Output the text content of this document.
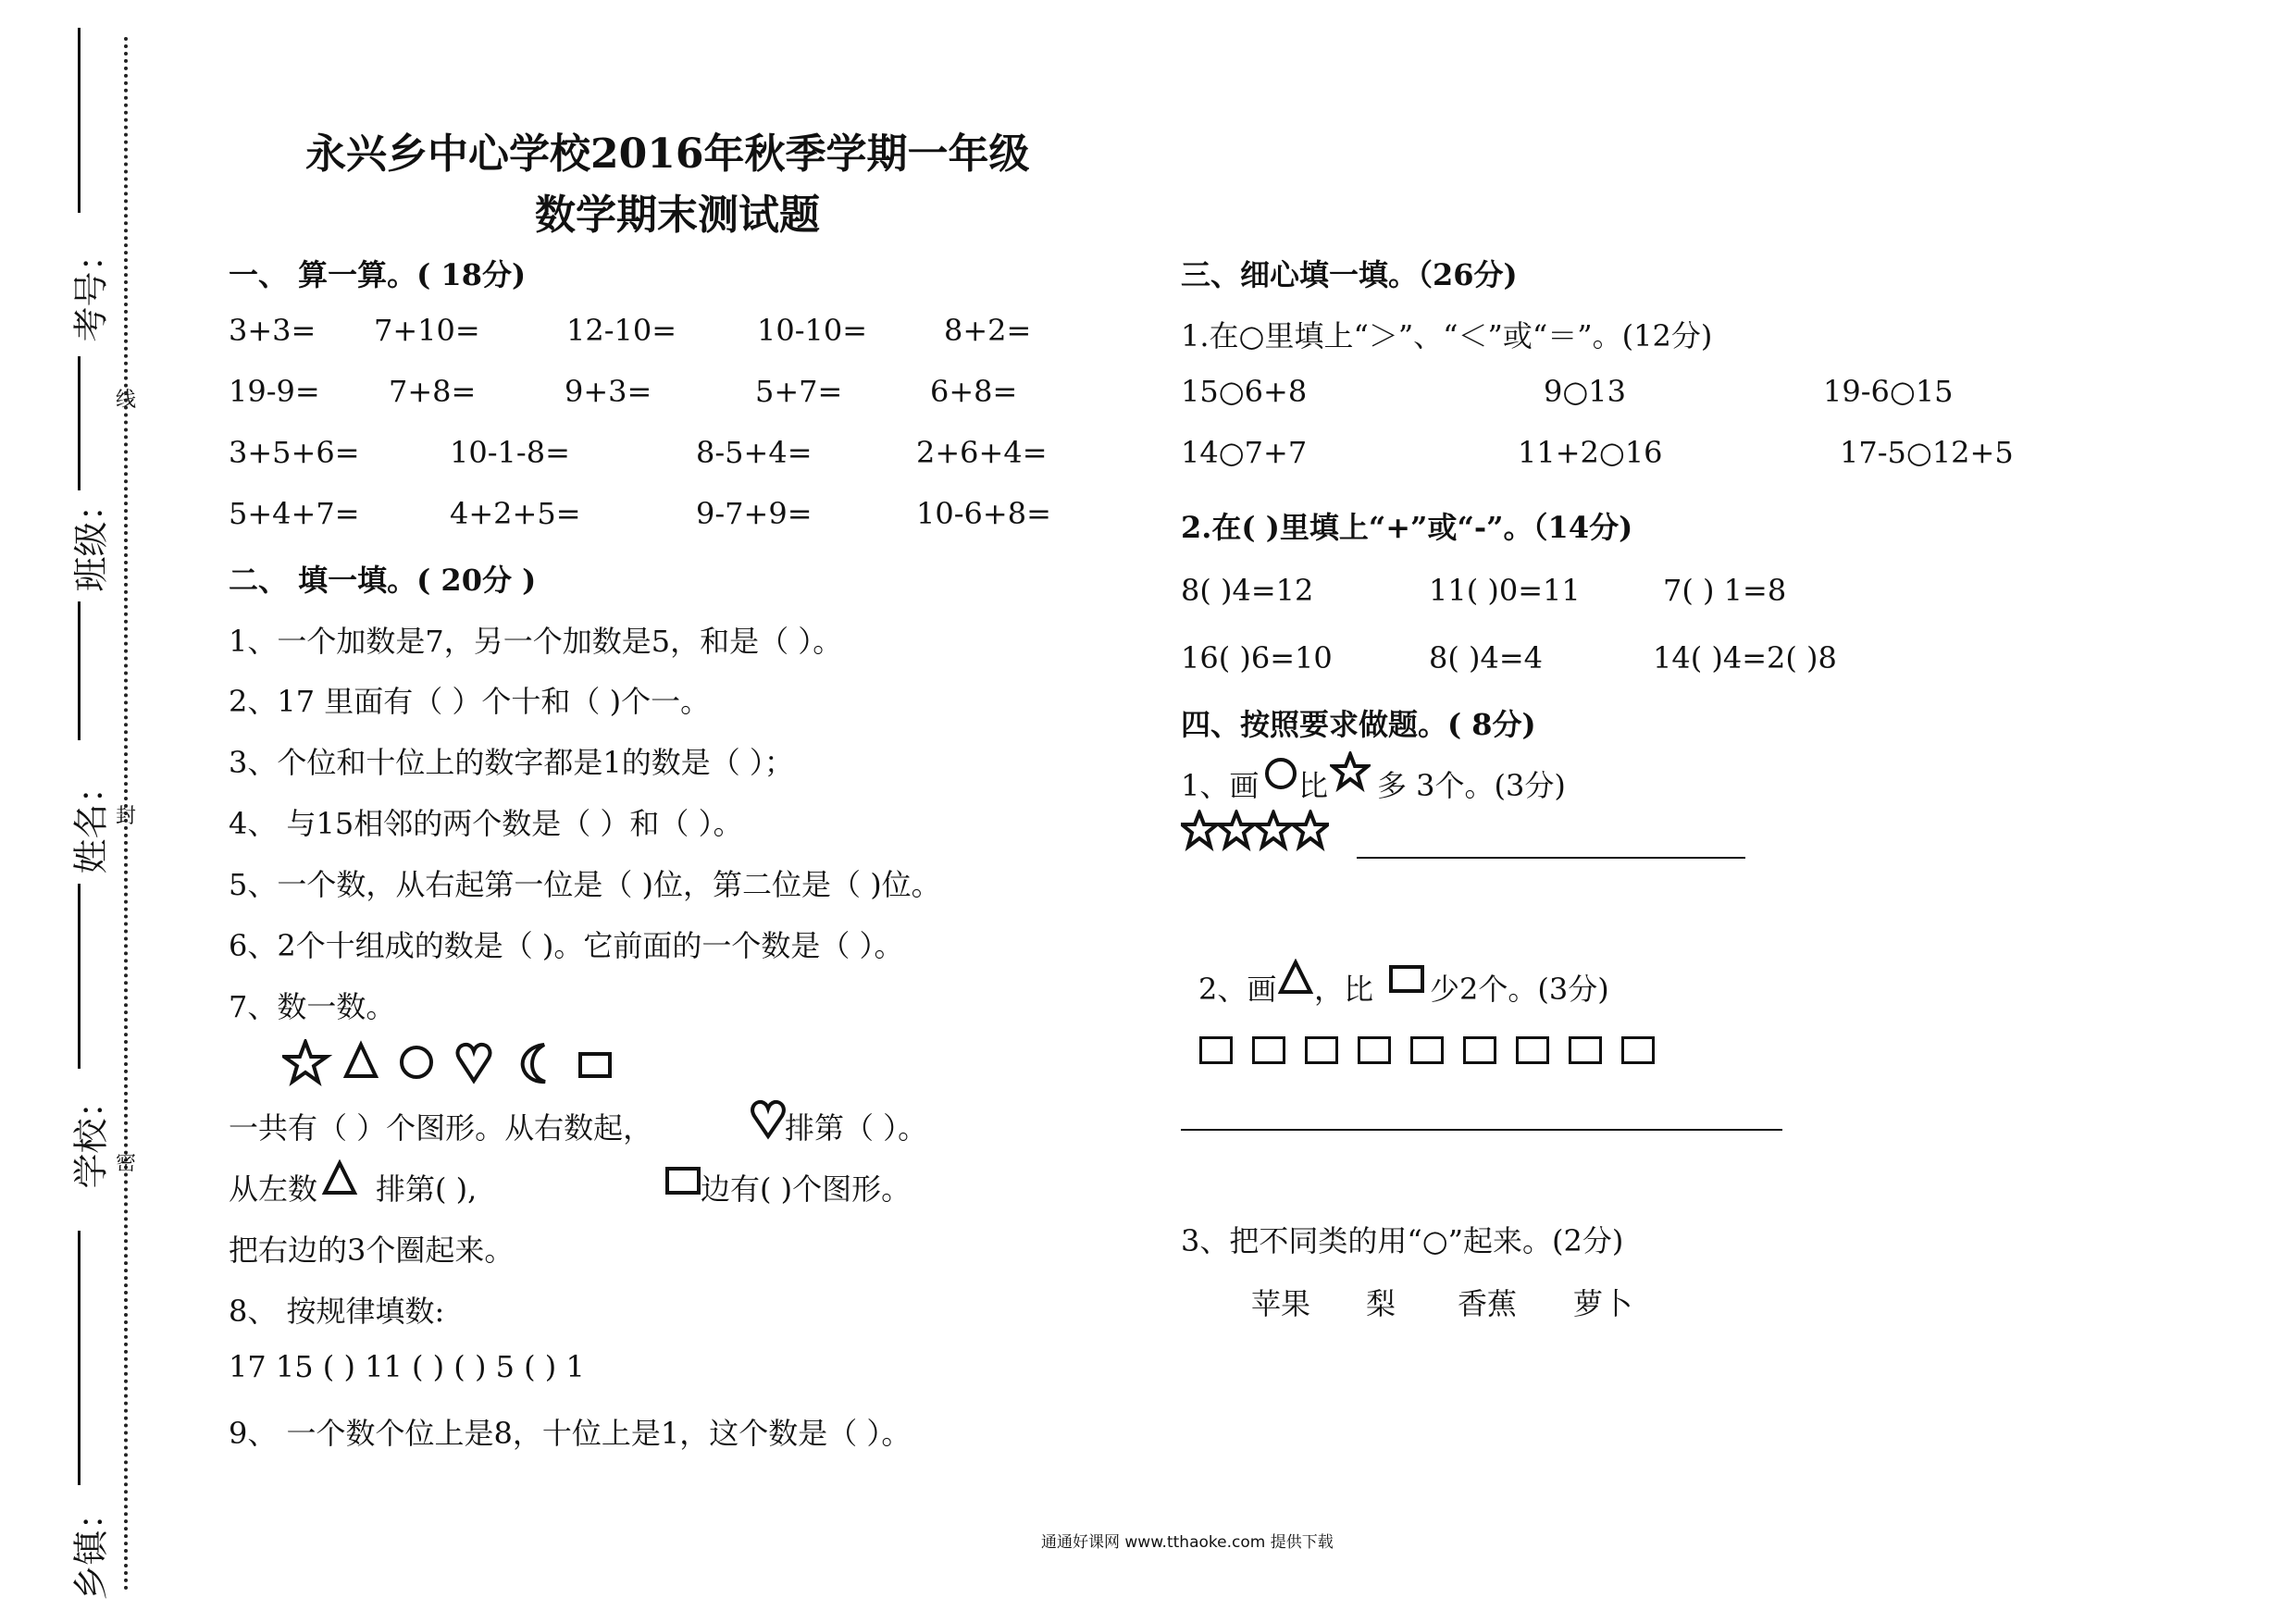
考号：
班级：
姓名：
学校：
乡镇：
线
封
密
永兴乡中心学校2016年秋季学期一年级
数学期末测试题
一、 算一算。( 18分)
3+3= 7+10=	12-10=	10-10=	8+2=
19-9= 7+8=	9+3=	5+7=	6+8=
3+5+6=	10-1-8=	8-5+4=	2+6+4=
5+4+7=	4+2+5=	9-7+9=	10-6+8=
二、 填一填。( 20分 )
1、一个加数是7，另一个加数是5，和是（ ）。
2、17 里面有（ ）个十和（ )个一。
3、个位和十位上的数字都是1的数是（ ）；
4、 与15相邻的两个数是（ ）和（ ）。
5、一个数，从右起第一位是（ )位，第二位是（ )位。
6、2个十组成的数是（ )。它前面的一个数是（ ）。
7、数一数。
一共有（ ）个图形。从右数起，	排第（ ）。
从左数 排第( ),	边有( )个图形。
把右边的3个圈起来。
8、 按规律填数:
17 15 ( ) 11 ( ) ( ) 5 ( ) 1
9、 一个数个位上是8，十位上是1，这个数是（ ）。
三、细心填一填。（26分)
1.在○里填上“＞”、“＜”或“＝”。(12分)
15○6+8	9○13	19-6○15
14○7+7	11+2○16	17-5○12+5
2.在( )里填上“+”或“-”。（14分)
8( )4=12	11( )0=11	7( ) 1=8
16( )6=10	8( )4=4	14( )4=2( )8
四、按照要求做题。( 8分)
1、画 比 多 3个。(3分)
2、画 ，比 少2个。(3分)
3、把不同类的用“○”起来。(2分)
苹果 梨 香蕉 萝卜
通通好课网 www.tthaoke.com 提供下载
